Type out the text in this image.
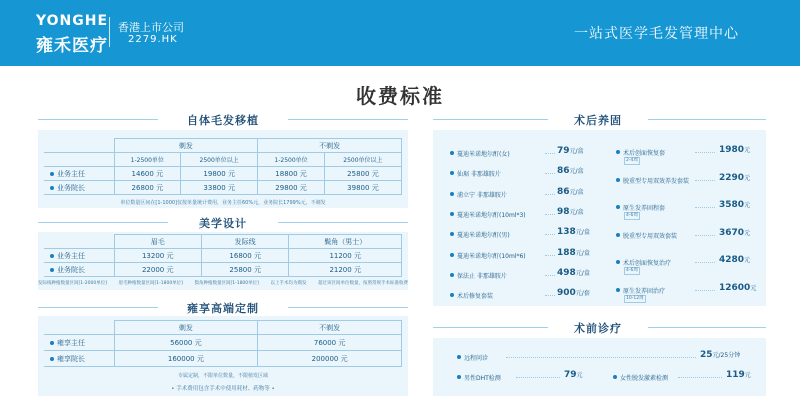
YONGHE
雍禾医疗
香港上市公司
2279.HK	一站式医学毛发管理中心
收费标准
自体毛发移植
	剃发		不剃发	
	1-2500单位	2500单位以上	1-2500单位	2500单位以上
业务主任	14600 元	19800 元	18800 元	25800 元
业务院长	26800 元	33800 元	29800 元	39800 元
单位数量区间在[1-1000]仅按单量统计费用，业务主任60%元，业务院长1799%元，不剃发
美学设计
	眉毛	发际线	鬓角（男士）
业务主任	13200 元	16800 元	11200 元
业务院长	22000 元	25800 元	21200 元
发际线种植数量区间[1-2000单位]	眉毛种植数量区间[1-1800单位]	鬓角种植数量区间[1-1800单位]	以上手术均为剃发	超过该区间单位数量，按照常规手术标准收费
雍享高端定制
	剃发	不剃发
雍享主任	56000 元	76000 元
雍享院长	160000 元	200000 元
专属定制，不限单位数量，不限植发区域
• 手术费用包含手术中使用耗材、药物等 •
术后养固
蔓迪米诺地尔酊(女)	79元/盒
仙琚 非那雄胺片	86元/盒
浦立宁 非那雄胺片	86元/盒
蔓迪米诺地尔酊(10ml*3)	98元/盒
蔓迪米诺地尔酊(男)	138元/盒
蔓迪米诺地尔酊(10ml*6)	188元/盒
保法止 非那雄胺片	498元/盒
术后修复套装	900元/套
术后创面恢复套	1980元
2-4周
脱重型专用双效养发套装	2290元
原生发养固程套	3580元
4-6周
脱重型专用双效套装	3670元
术后创面恢复治疗	4280元
4-6周
原生发养固治疗	12600元
10-12周
术前诊疗
远程问诊	25元/25分钟
男性DHT检测	79元	女性脱发激素检测	119元
